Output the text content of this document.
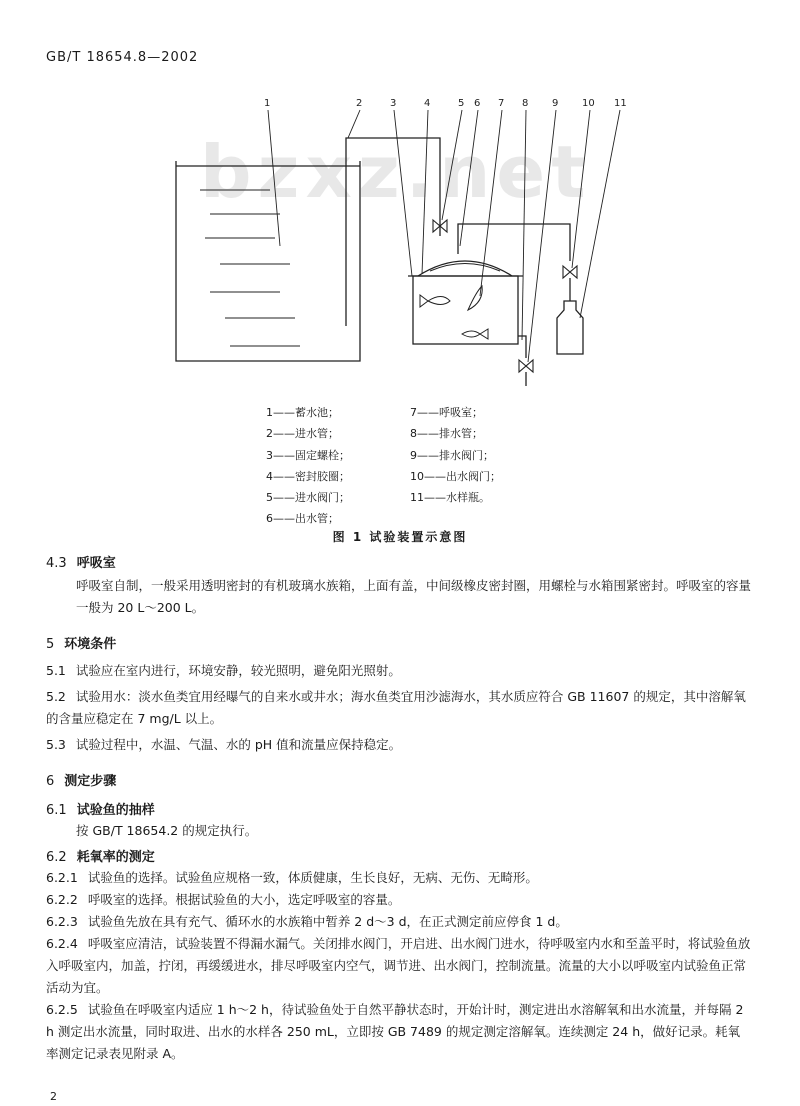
bzxz.net
GB/T 18654.8—2002
1	2	3	4	5 6 7 8 9 10 11
1——蓄水池；
2——进水管；
3——固定螺栓；
4——密封胶圈；
5——进水阀门；
6——出水管；
7——呼吸室；
8——排水管；
9——排水阀门；
10——出水阀门；
11——水样瓶。
图 1 试验装置示意图
4.3 呼吸室
呼吸室自制，一般采用透明密封的有机玻璃水族箱，上面有盖，中间级橡皮密封圈，用螺栓与水箱围紧密封。呼吸室的容量一般为 20 L～200 L。
5 环境条件
5.1 试验应在室内进行，环境安静，较光照明，避免阳光照射。
5.2 试验用水：淡水鱼类宜用经曝气的自来水或井水；海水鱼类宜用沙滤海水，其水质应符合 GB 11607 的规定，其中溶解氧的含量应稳定在 7 mg/L 以上。
5.3 试验过程中，水温、气温、水的 pH 值和流量应保持稳定。
6 测定步骤
6.1 试验鱼的抽样
按 GB/T 18654.2 的规定执行。
6.2 耗氧率的测定
6.2.1 试验鱼的选择。试验鱼应规格一致，体质健康，生长良好，无病、无伤、无畸形。
6.2.2 呼吸室的选择。根据试验鱼的大小，选定呼吸室的容量。
6.2.3 试验鱼先放在具有充气、循环水的水族箱中暂养 2 d～3 d，在正式测定前应停食 1 d。
6.2.4 呼吸室应清洁，试验装置不得漏水漏气。关闭排水阀门，开启进、出水阀门进水，待呼吸室内水和至盖平时，将试验鱼放入呼吸室内，加盖，拧闭，再缓缓进水，排尽呼吸室内空气，调节进、出水阀门，控制流量。流量的大小以呼吸室内试验鱼正常活动为宜。
6.2.5 试验鱼在呼吸室内适应 1 h～2 h，待试验鱼处于自然平静状态时，开始计时，测定进出水溶解氧和出水流量，并每隔 2 h 测定出水流量，同时取进、出水的水样各 250 mL，立即按 GB 7489 的规定测定溶解氧。连续测定 24 h，做好记录。耗氧率测定记录表见附录 A。
2
